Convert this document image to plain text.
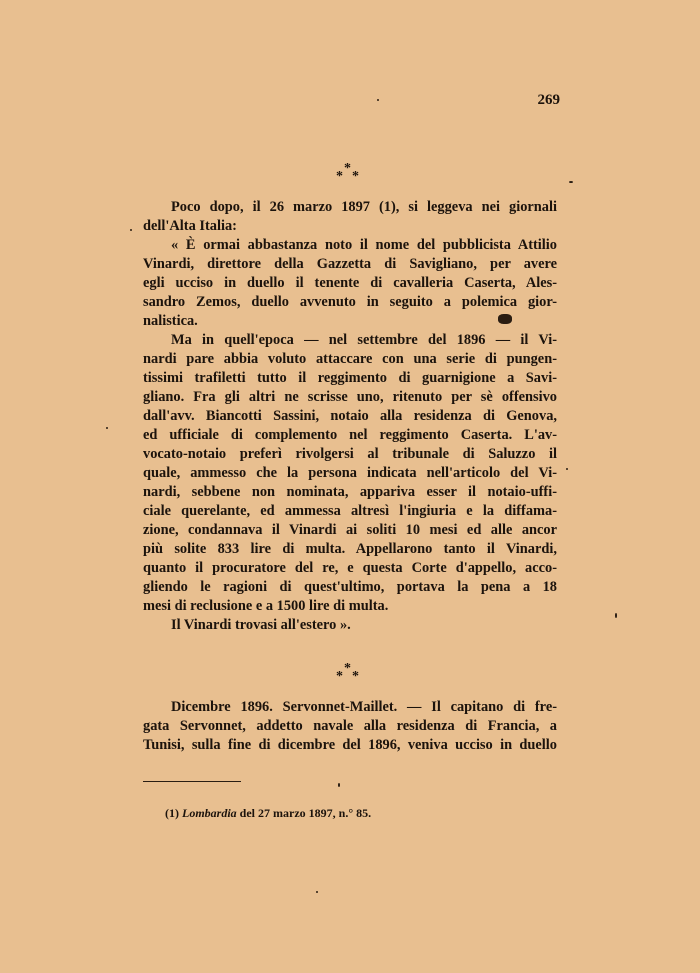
269
*
* *
Poco dopo, il 26 marzo 1897 (1), si leggeva nei giornali
dell'Alta Italia:
« È ormai abbastanza noto il nome del pubblicista Attilio
Vinardi, direttore della Gazzetta di Savigliano, per avere
egli ucciso in duello il tenente di cavalleria Caserta, Ales-
sandro Zemos, duello avvenuto in seguito a polemica gior-
nalistica.
Ma in quell'epoca — nel settembre del 1896 — il Vi-
nardi pare abbia voluto attaccare con una serie di pungen-
tissimi trafiletti tutto il reggimento di guarnigione a Savi-
gliano. Fra gli altri ne scrisse uno, ritenuto per sè offensivo
dall'avv. Biancotti Sassini, notaio alla residenza di Genova,
ed ufficiale di complemento nel reggimento Caserta. L'av-
vocato-notaio preferì rivolgersi al tribunale di Saluzzo il
quale, ammesso che la persona indicata nell'articolo del Vi-
nardi, sebbene non nominata, appariva esser il notaio-uffi-
ciale querelante, ed ammessa altresì l'ingiuria e la diffama-
zione, condannava il Vinardi ai soliti 10 mesi ed alle ancor
più solite 833 lire di multa. Appellarono tanto il Vinardi,
quanto il procuratore del re, e questa Corte d'appello, acco-
gliendo le ragioni di quest'ultimo, portava la pena a 18
mesi di reclusione e a 1500 lire di multa.
Il Vinardi trovasi all'estero ».
*
* *
Dicembre 1896. Servonnet-Maillet. — Il capitano di fre-
gata Servonnet, addetto navale alla residenza di Francia, a
Tunisi, sulla fine di dicembre del 1896, veniva ucciso in duello
(1) Lombardia del 27 marzo 1897, n.° 85.
